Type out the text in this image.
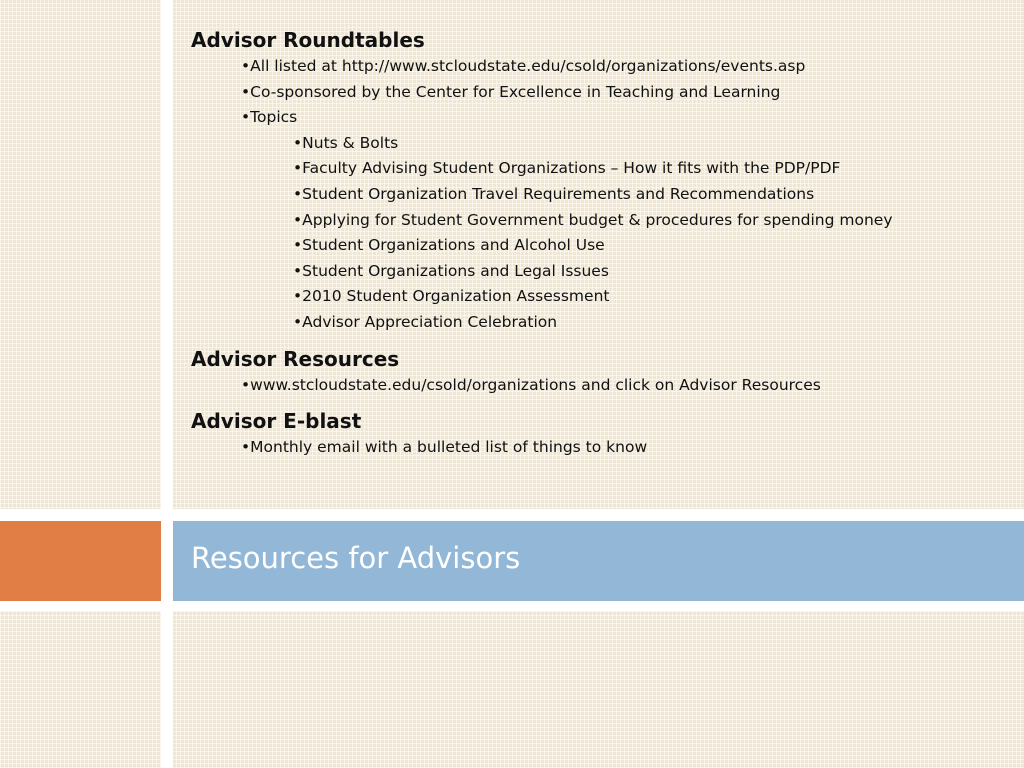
Resources for Advisors
Advisor Roundtables
•All listed at http://www.stcloudstate.edu/csold/organizations/events.asp
•Co-sponsored by the Center for Excellence in Teaching and Learning
•Topics
•Nuts & Bolts
•Faculty Advising Student Organizations – How it fits with the PDP/PDF
•Student Organization Travel Requirements and Recommendations
•Applying for Student Government budget & procedures for spending money
•Student Organizations and Alcohol Use
•Student Organizations and Legal Issues
•2010 Student Organization Assessment
•Advisor Appreciation Celebration
Advisor Resources
•www.stcloudstate.edu/csold/organizations and click on Advisor Resources
Advisor E-blast
•Monthly email with a bulleted list of things to know
